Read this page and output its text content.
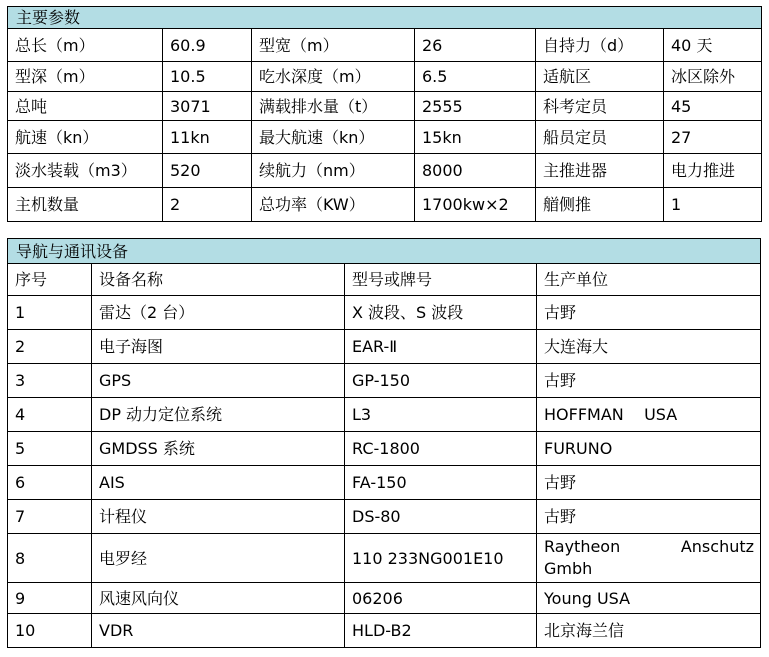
主要参数					
总长（m）	60.9	型宽（m）	26	自持力（d）	40 天
型深（m）	10.5	吃水深度（m）	6.5	适航区	冰区除外
总吨	3071	满载排水量（t）	2555	科考定员	45
航速（kn）	11kn	最大航速（kn）	15kn	船员定员	27
淡水装载（m3）	520	续航力（nm）	8000	主推进器	电力推进
主机数量	2	总功率（KW）	1700kw×2	艏侧推	1
导航与通讯设备			
序号	设备名称	型号或牌号	生产单位
1	雷达（2 台）	X 波段、S 波段	古野
2	电子海图	EAR-Ⅱ	大连海大
3	GPS	GP-150	古野
4	DP 动力定位系统	L3	HOFFMAN    USA
5	GMDSS 系统	RC-1800	FURUNO
6	AIS	FA-150	古野
7	计程仪	DS-80	古野
8	电罗经	110 233NG001E10	Raytheon Anschutz
Gmbh

9	风速风向仪	06206	Young USA
10	VDR	HLD-B2	北京海兰信
